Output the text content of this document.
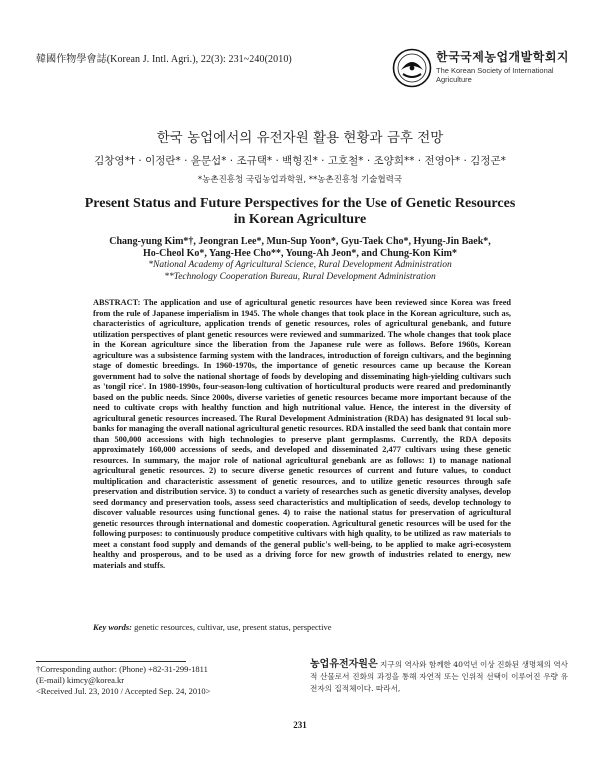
韓國作物學會誌(Korean J. Intl. Agri.), 22(3): 231~240(2010)	한국국제농업개발학회지
The Korean Society of International
Agriculture
한국 농업에서의 유전자원 활용 현황과 금후 전망
김창영*† · 이정란* · 윤문섭* · 조규택* · 백형진* · 고호철* · 조양희** · 전영아* · 김정곤*
*농촌진흥청 국립농업과학원, **농촌진흥청 기술협력국
Present Status and Future Perspectives for the Use of Genetic Resources
in Korean Agriculture
Chang-yung Kim*†, Jeongran Lee*, Mun-Sup Yoon*, Gyu-Taek Cho*, Hyung-Jin Baek*,
Ho-Cheol Ko*, Yang-Hee Cho**, Young-Ah Jeon*, and Chung-Kon Kim*
*National Academy of Agricultural Science, Rural Development Administration
**Technology Cooperation Bureau, Rural Development Administration
ABSTRACT: The application and use of agricultural genetic resources have been reviewed since Korea was freed from the rule of Japanese imperialism in 1945. The whole changes that took place in the Korean agriculture, such as, characteristics of agriculture, application trends of genetic resources, roles of agricultural genebank, and future utilization perspectives of plant genetic resources were reviewed and summarized. The whole changes that took place in the Korean agriculture since the liberation from the Japanese rule were as follows. Before 1960s, Korean agriculture was a subsistence farming system with the landraces, introduction of foreign cultivars, and the beginning stage of domestic breedings. In 1960-1970s, the importance of genetic resources came up because the Korean government had to solve the national shortage of foods by developing and disseminating high-yielding cultivars such as 'tongil rice'. In 1980-1990s, four-season-long cultivation of horticultural products were reared and predominantly based on the public needs. Since 2000s, diverse varieties of genetic resources became more important because of the need to cultivate crops with healthy function and high nutritional value. Hence, the interest in the diversity of agricultural genetic resources increased. The Rural Development Administration (RDA) has designated 91 local sub-banks for managing the overall national agricultural genetic resources. RDA installed the seed bank that contain more than 500,000 accessions with high technologies to preserve plant germplasms. Currently, the RDA deposits approximately 160,000 accessions of seeds, and developed and disseminated 2,477 cultivars using these genetic resources. In summary, the major role of national agricultural genebank are as follows: 1) to manage national agricultural genetic resources. 2) to secure diverse genetic resources of current and future values, to conduct multiplication and characteristic assessment of genetic resources, and to utilize genetic resources through safe preservation and distribution service. 3) to conduct a variety of researches such as genetic diversity analyses, develop seed dormancy and preservation tools, assess seed characteristics and multiplication of seeds, develop technology to discover valuable resources using functional genes. 4) to raise the national status for preservation of agricultural genetic resources through international and domestic cooperation. Agricultural genetic resources will be used for the following purposes: to continuously produce competitive cultivars with high quality, to be utilized as raw materials to meet a constant food supply and demands of the general public's well-being, to be applied to make agri-ecosystem healthy and prosperous, and to be used as a driving force for new growth of industries related to energy, new materials and stuffs.
Key words: genetic resources, cultivar, use, present status, perspective
†Corresponding author: (Phone) +82-31-299-1811
(E-mail) kimcy@korea.kr
<Received Jul. 23, 2010 / Accepted Sep. 24, 2010>
농업유전자원은 지구의 역사와 함께한 40억년 이상 진화된 생명체의 역사적 산물로서 진화의 과정을 통해 자연적 또는 인위적 선택이 이루어진 우량 유전자의 집적체이다. 따라서,
231
